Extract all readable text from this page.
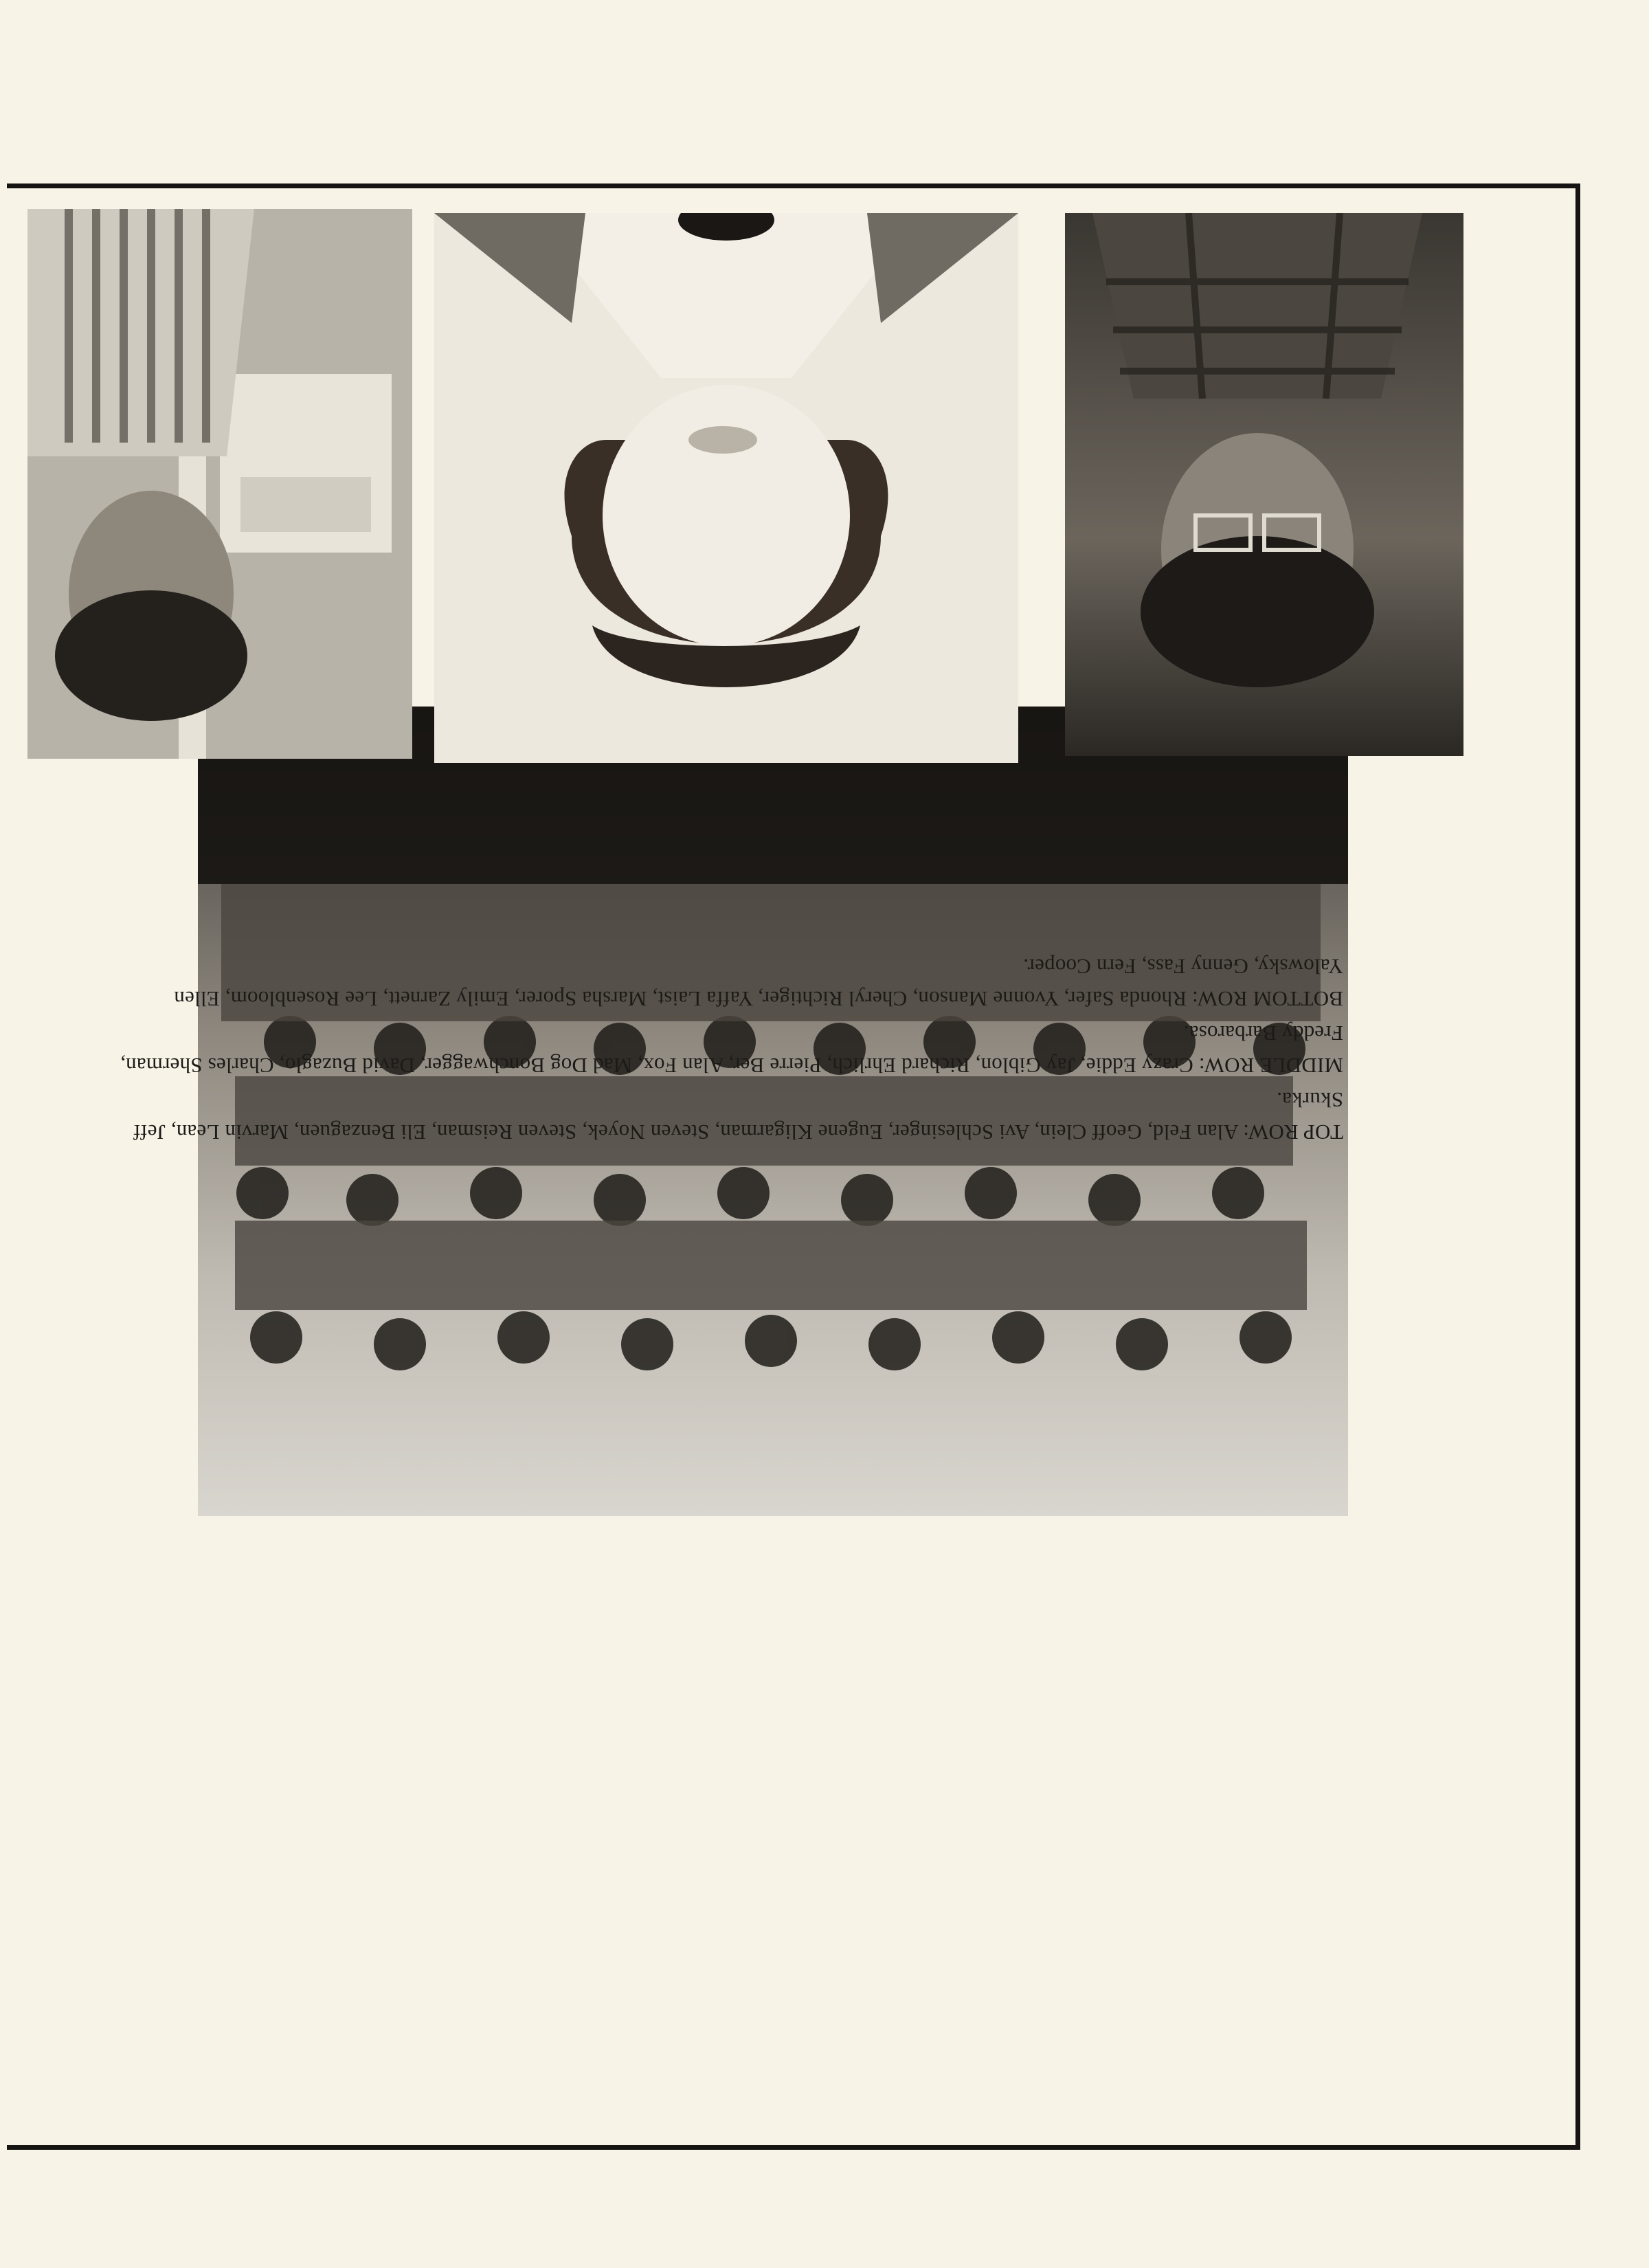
TOP ROW: Alan Feld, Geoff Clein, Avi Schlesinger, Eugene Kligarman, Steven Noyek, Steven Reisman, Eli Benzaguen, Marvin Lean, Jeff Skurka.

MIDDLE ROW: Crazy Eddie, Jay Giblon, Richard Ehrlich, Pierre Ber, Alan Fox, Mad Dog Bonchwagger, David Buzaglo, Charles Sherman, Freddy Barbarosa.

BOTTOM ROW: Rhonda Safer, Yvonne Manson, Cheryl Richtiger, Yaffa Laist, Marsha Sporer, Emily Zarnett, Lee Rosenbloom, Ellen Yalowsky, Genny Fass, Fern Cooper.
